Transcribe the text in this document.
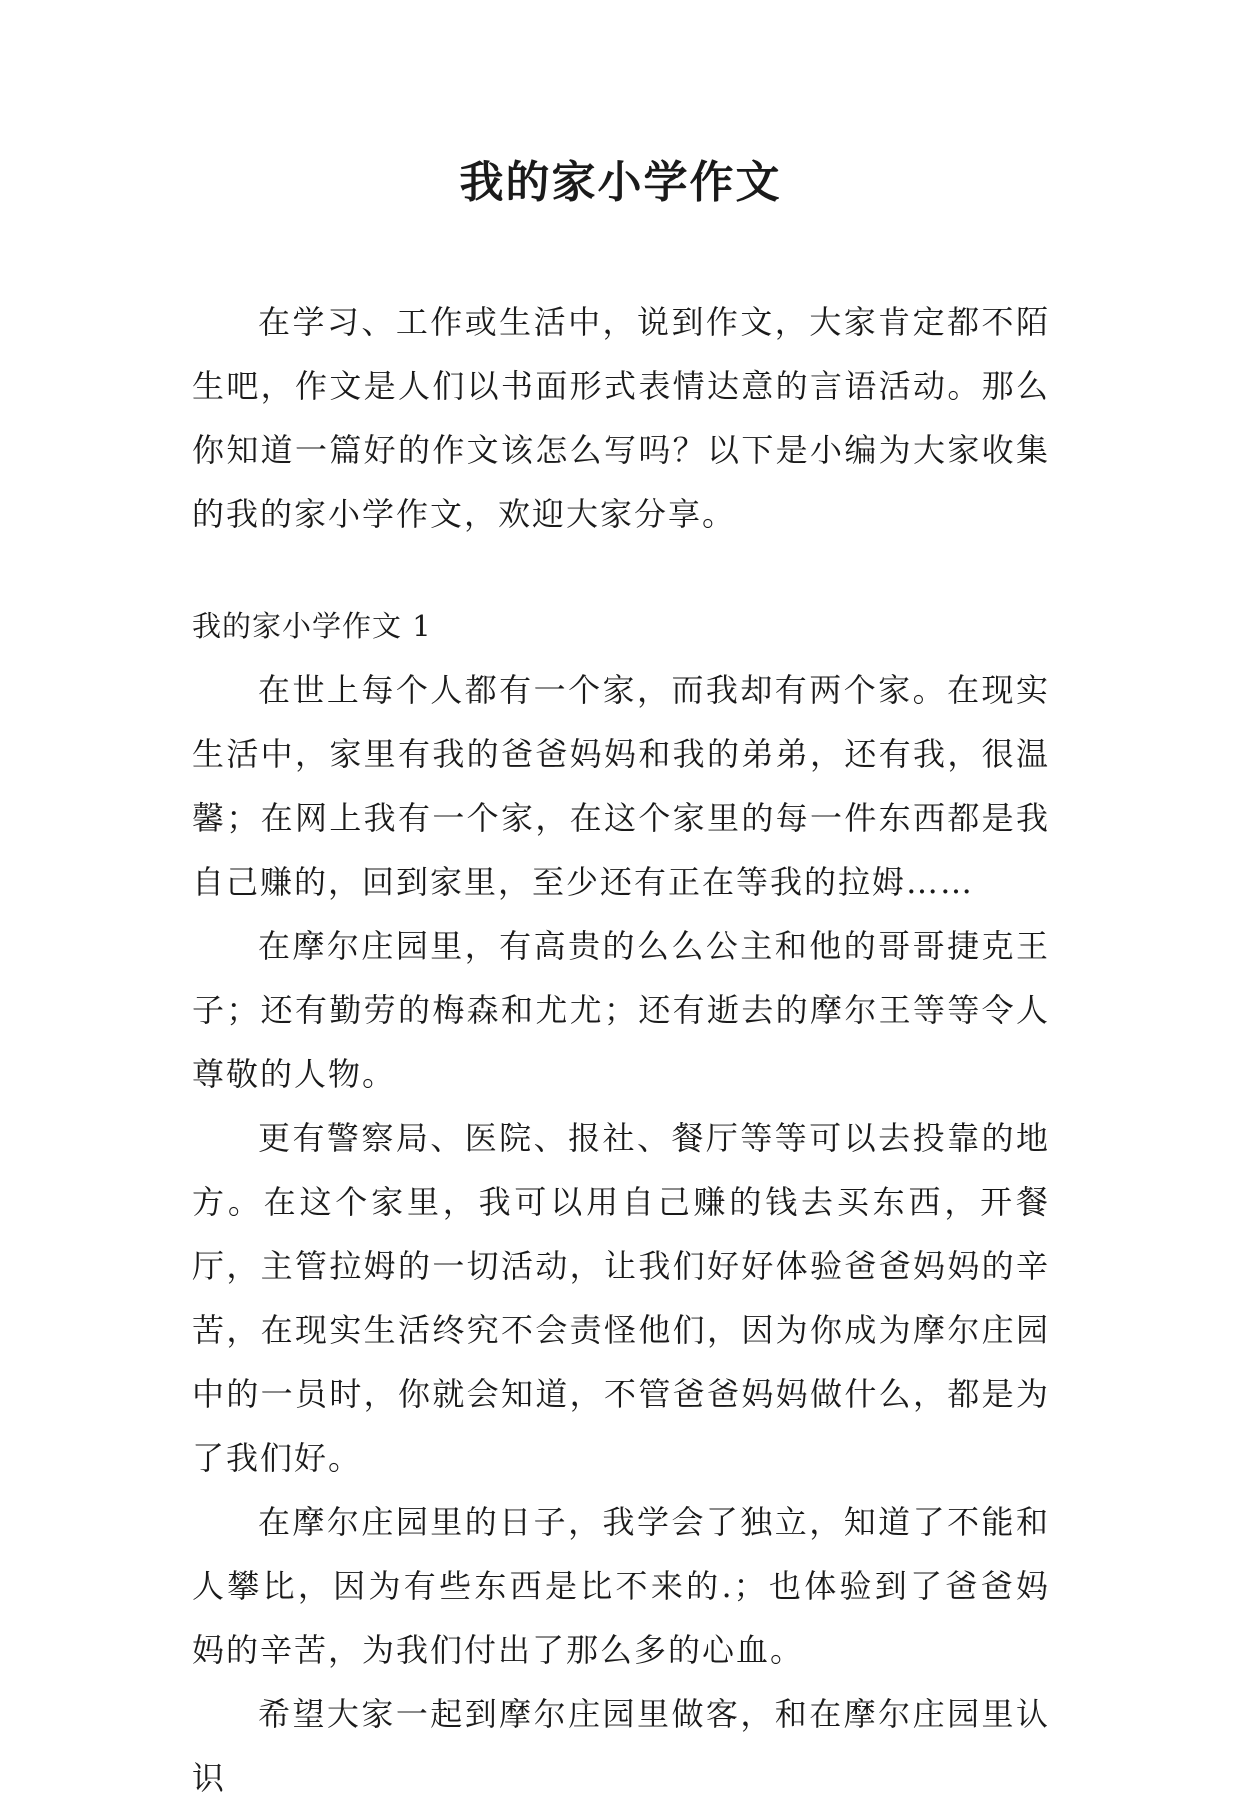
我的家小学作文

在学习、工作或生活中，说到作文，大家肯定都不陌生吧，作文是人们以书面形式表情达意的言语活动。那么你知道一篇好的作文该怎么写吗？以下是小编为大家收集的我的家小学作文，欢迎大家分享。

我的家小学作文 1

在世上每个人都有一个家，而我却有两个家。在现实生活中，家里有我的爸爸妈妈和我的弟弟，还有我，很温馨；在网上我有一个家，在这个家里的每一件东西都是我自己赚的，回到家里，至少还有正在等我的拉姆……

在摩尔庄园里，有高贵的么么公主和他的哥哥捷克王子；还有勤劳的梅森和尤尤；还有逝去的摩尔王等等令人尊敬的人物。

更有警察局、医院、报社、餐厅等等可以去投靠的地方。在这个家里，我可以用自己赚的钱去买东西，开餐厅，主管拉姆的一切活动，让我们好好体验爸爸妈妈的辛苦，在现实生活终究不会责怪他们，因为你成为摩尔庄园中的一员时，你就会知道，不管爸爸妈妈做什么，都是为了我们好。

在摩尔庄园里的日子，我学会了独立，知道了不能和人攀比，因为有些东西是比不来的.；也体验到了爸爸妈妈的辛苦，为我们付出了那么多的心血。

希望大家一起到摩尔庄园里做客，和在摩尔庄园里认识
